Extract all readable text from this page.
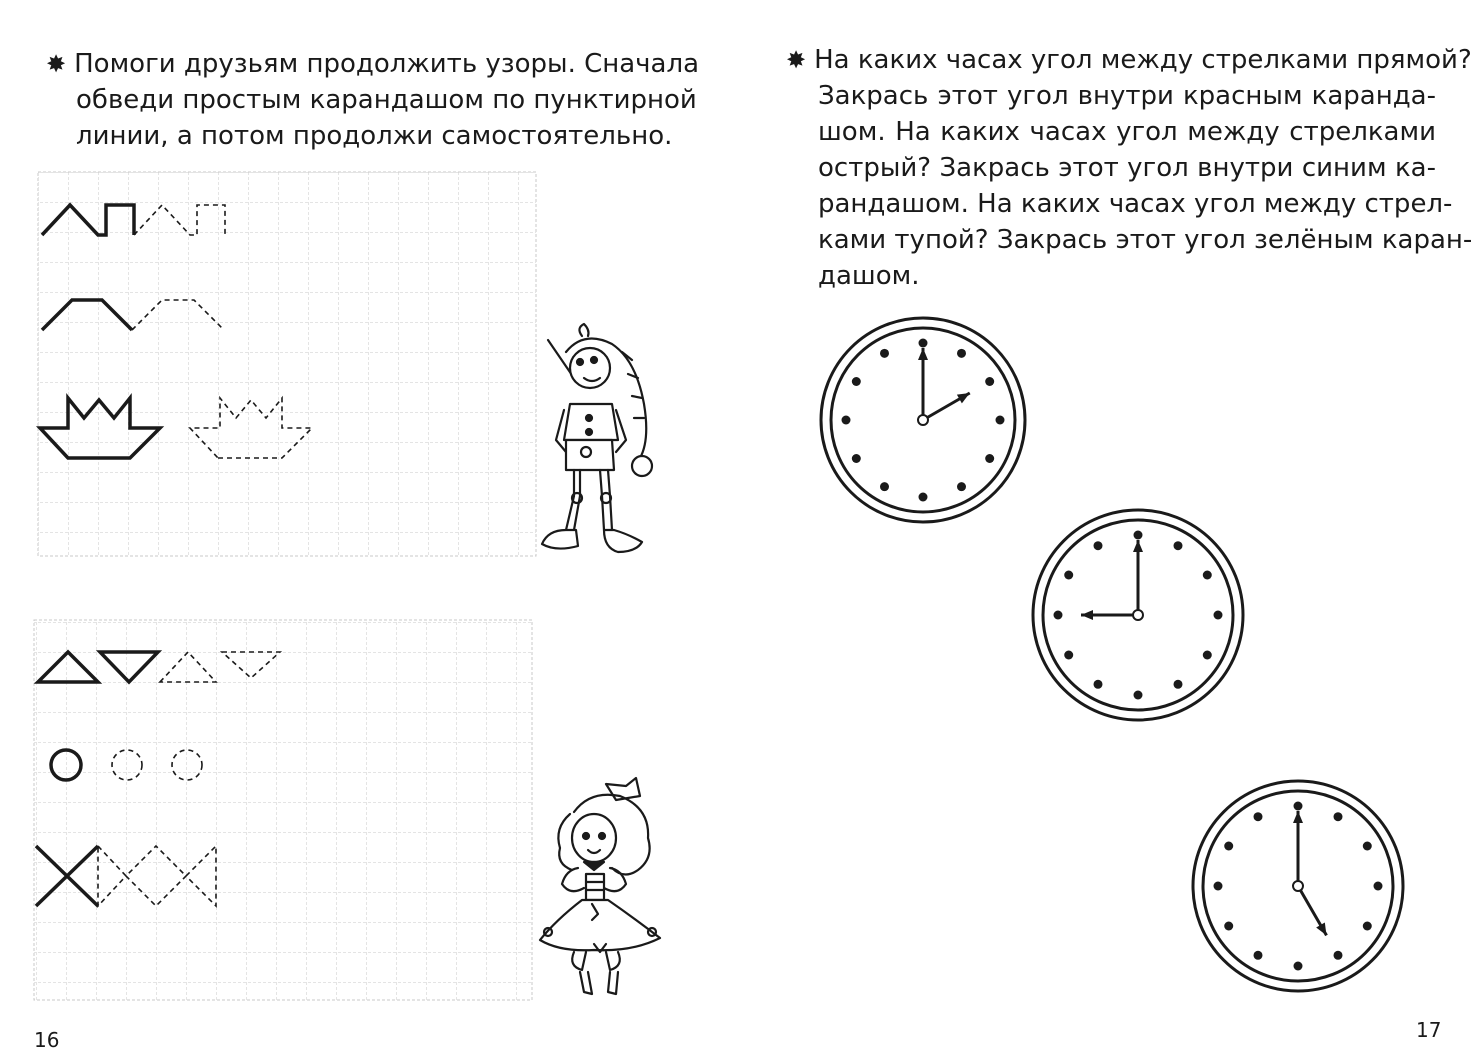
✸ Помоги друзьям продолжить узоры. Сначала
обведи простым карандашом по пунктирной
линии, а потом продолжи самостоятельно.
✸ На каких часах угол между стрелками прямой?
Закрась этот угол внутри красным каранда-
шом. На каких часах угол между стрелками
острый? Закрась этот угол внутри синим ка-
рандашом. На каких часах угол между стрел-
ками тупой? Закрась этот угол зелёным каран-
дашом.
16	17
